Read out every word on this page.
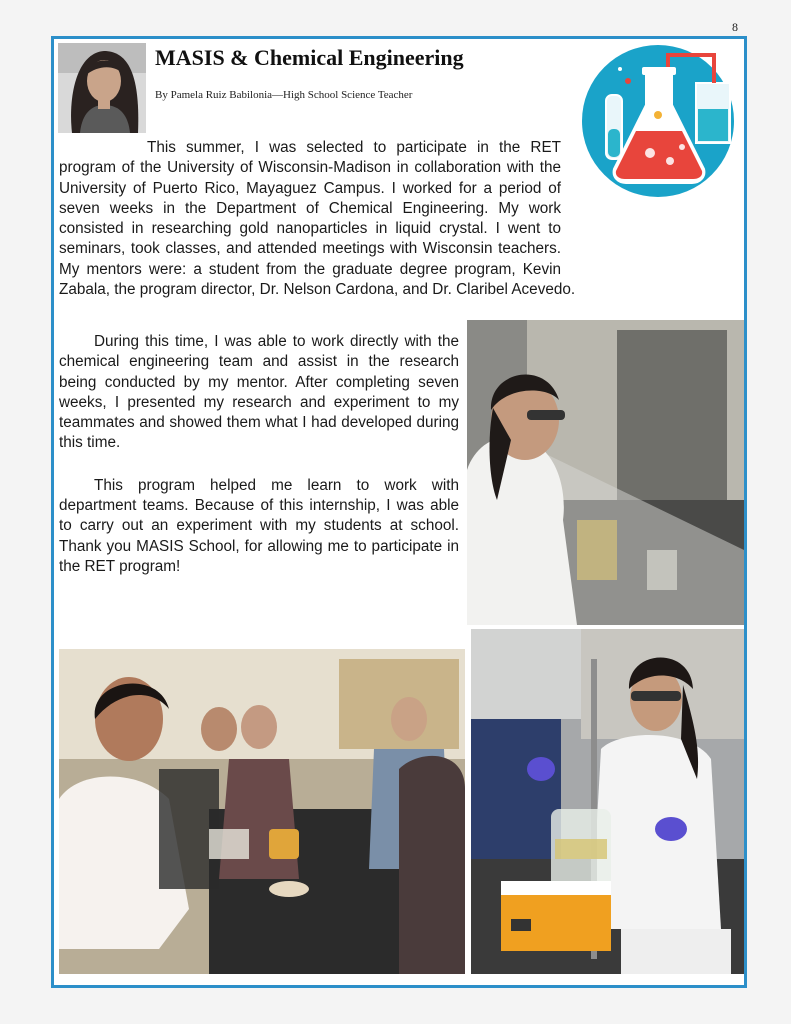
8
MASIS & Chemical Engineering
By Pamela Ruiz Babilonia—High School Science Teacher

This summer, I was selected to participate in the RET program of the University of Wisconsin-Madison in collaboration with the University of Puerto Rico, Mayaguez Campus. I worked for a period of seven weeks in the Department of Chemical Engineering. My work consisted in researching gold nanoparticles in liquid crystal. I went to seminars, took classes, and attended meetings with Wisconsin teachers. My mentors were: a student from the graduate degree program, Kevin Zabala, the program director, Dr. Nelson Cardona, and Dr. Claribel Acevedo.

During this time, I was able to work directly with the chemical engineering team and assist in the research being conducted by my mentor. After completing seven weeks, I presented my research and experiment to my teammates and showed them what I had developed during this time.

This program helped me learn to work with department teams. Because of this internship, I was able to carry out an experiment with my students at school. Thank you MASIS School, for allowing me to participate in the RET program!
